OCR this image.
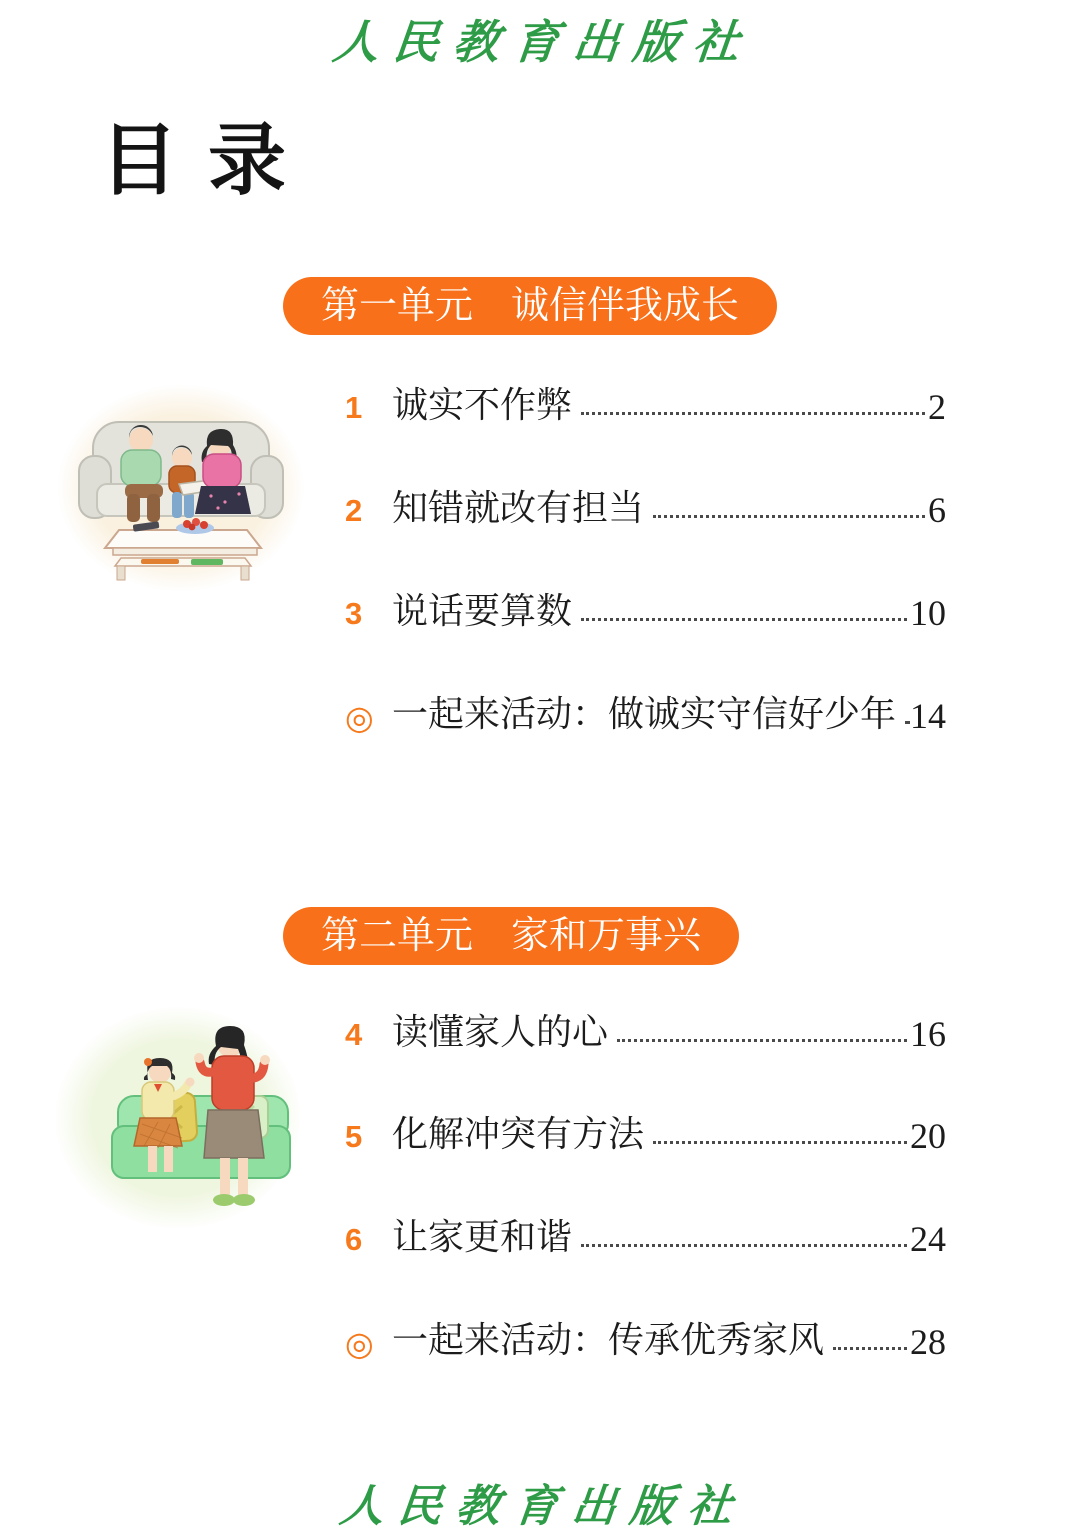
人民教育出版社
目录
第一单元　诚信伴我成长
1 诚实不作弊	2
2 知错就改有担当	6
3 说话要算数	10
◎ 一起来活动：做诚实守信好少年 14
第二单元　家和万事兴
4 读懂家人的心	16
5 化解冲突有方法	20
6 让家更和谐	24
◎ 一起来活动：传承优秀家风 28
人民教育出版社
